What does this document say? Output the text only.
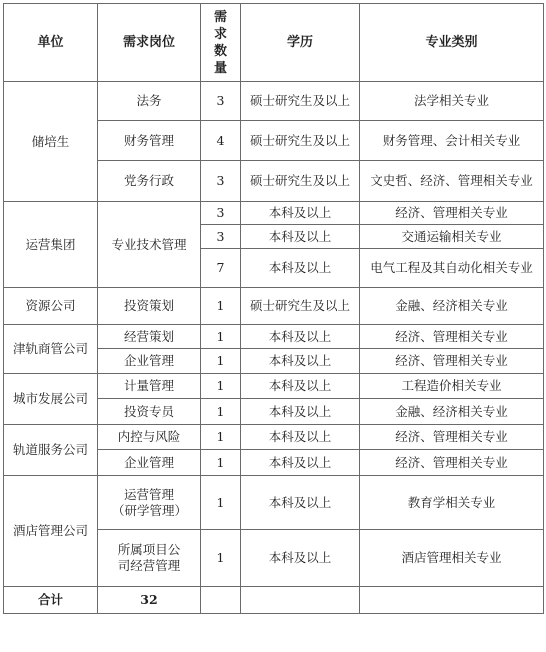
单位	需求岗位	需求数量	学历	专业类别
储培生	法务	3	硕士研究生及以上	法学相关专业
	财务管理	4	硕士研究生及以上	财务管理、会计相关专业
	党务行政	3	硕士研究生及以上	文史哲、经济、管理相关专业
运营集团	专业技术管理	3	本科及以上	经济、管理相关专业
		3	本科及以上	交通运输相关专业
		7	本科及以上	电气工程及其自动化相关专业
资源公司	投资策划	1	硕士研究生及以上	金融、经济相关专业
津轨商管公司	经营策划	1	本科及以上	经济、管理相关专业
	企业管理	1	本科及以上	经济、管理相关专业
城市发展公司	计量管理	1	本科及以上	工程造价相关专业
	投资专员	1	本科及以上	金融、经济相关专业
轨道服务公司	内控与风险	1	本科及以上	经济、管理相关专业
	企业管理	1	本科及以上	经济、管理相关专业
酒店管理公司	运营管理（研学管理）	1	本科及以上	教育学相关专业
	所属项目公司经营管理	1	本科及以上	酒店管理相关专业
合计	32			
